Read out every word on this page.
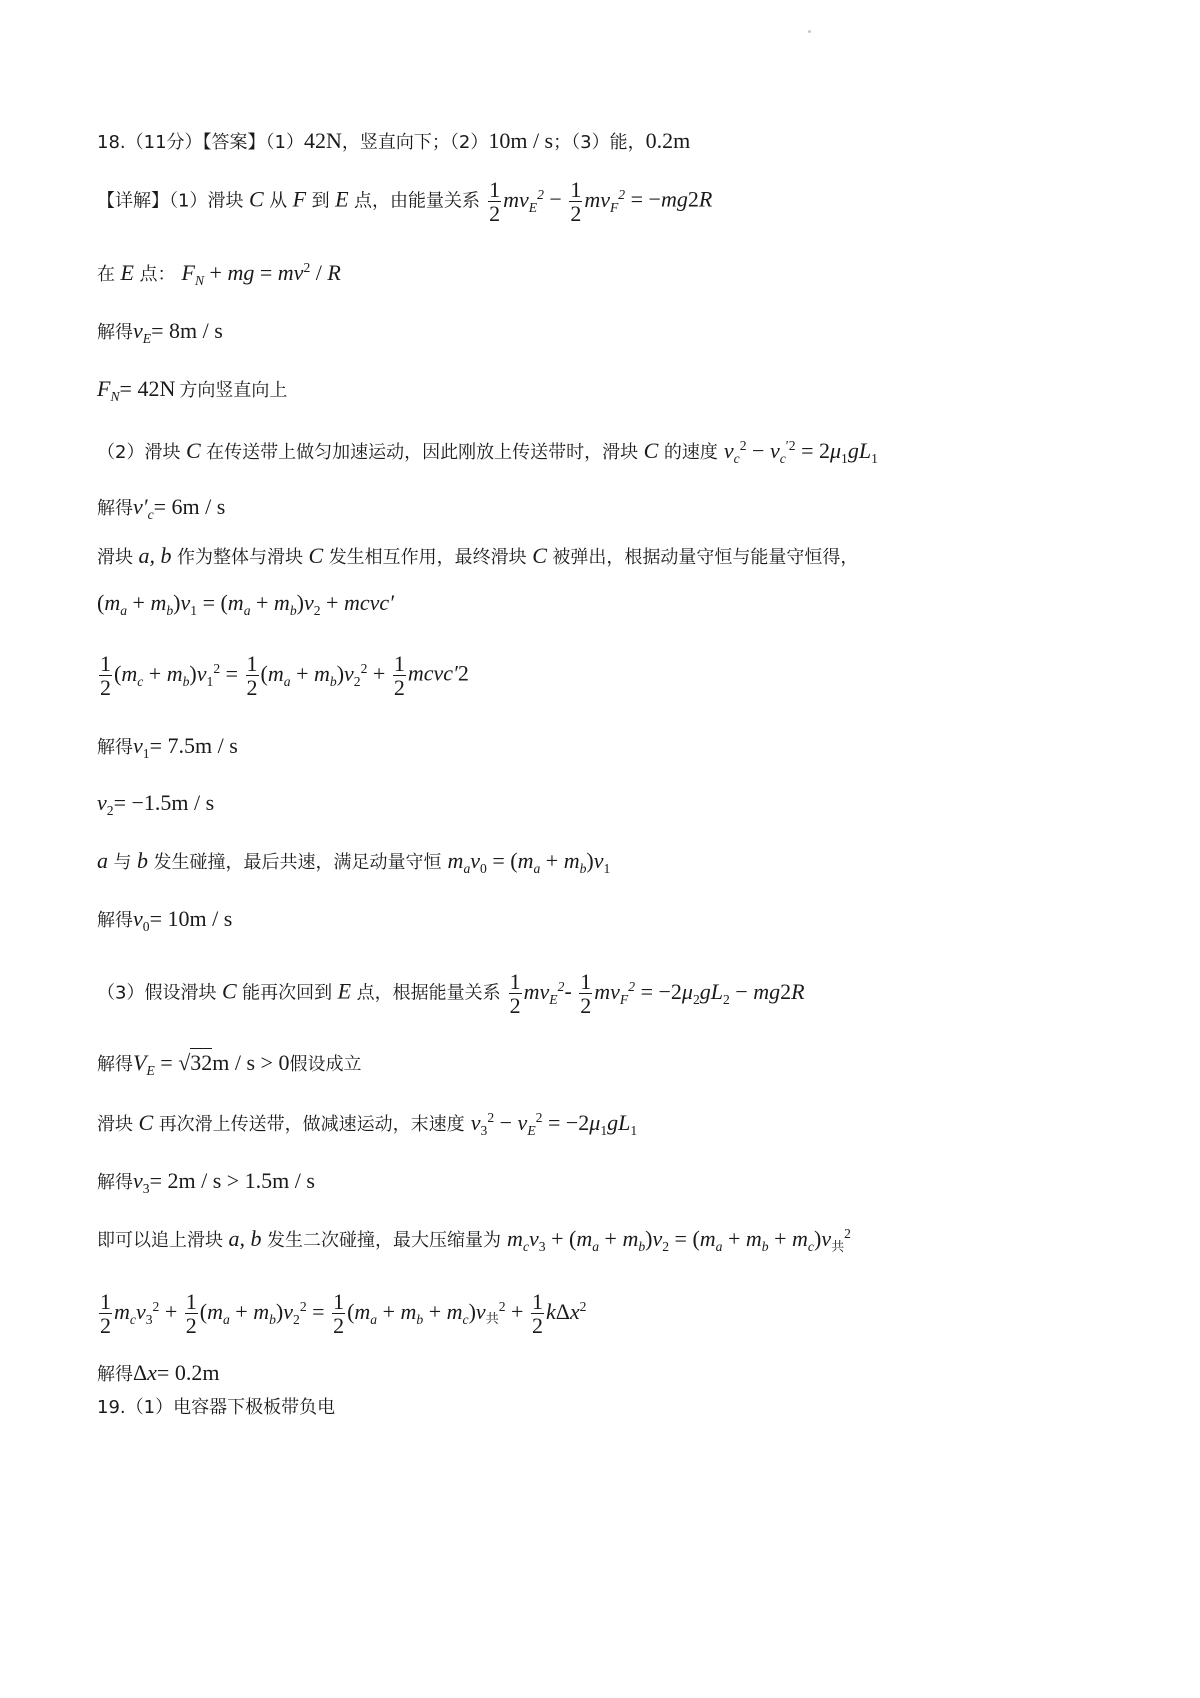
18.（11分）【答案】（1）42N，竖直向下；（2）10m / s；（3）能，0.2m
【详解】（1）滑块 C 从 F 到 E 点，由能量关系 $\frac{1}{2} mv_E^2 - \frac{1}{2} mv_F^2 = -mg2R$
在 E 点： $F_N$ + mg = $mv^2$ / R
解得$v_E= 8m / s$
$F_N= 42N$ 方向竖直向上
（2）滑块 C 在传送带上做匀加速运动，因此刚放上传送带时，滑块 C 的速度 $v_c^2 - v_c^{'2} = 2\mu_1gL_1$
解得$v'_c= 6m / s$
滑块 a, b 作为整体与滑块 C 发生相互作用，最终滑块 C 被弹出，根据动量守恒与能量守恒得，
$(m_a + m_b)v_1 = (m_a + m_b)v_2$ + mcvc′
$\frac{1}{2} (m_c + m_b)v_1^2 = \frac{1}{2} (m_a + m_b)v_2^2 + \frac{1}{2}$ mcvc′2
解得$v_1= 7.5m / s$
$v_2= -1.5m / s$
a 与 b 发生碰撞，最后共速，满足动量守恒 $m_av_0 = (m_a + m_b)v_1$
解得$v_0= 10m / s$
（3）假设滑块 C 能再次回到 E 点，根据能量关系 $\frac{1}{2} mv_E^2- \frac{1}{2} mv_F^2 = -2\mu_2gL_2 - mg2R$
解得$V_E = √32m / s > 0$假设成立
滑块 C 再次滑上传送带，做减速运动，末速度 $v_3^2 - v_E^2 = -2\mu_1gL_1$
解得$v_3= 2m / s > 1.5m / s$
即可以追上滑块 a, b 发生二次碰撞，最大压缩量为 $m_cv_3 + (m_a + m_b)v_2 = (m_a + m_b + m_c)v_共^2$
$\frac{1}{2} m_cv_3^2 + \frac{1}{2} (m_a + m_b)v_2^2 = \frac{1}{2} (m_a + m_b + m_c)v_共^2 + \frac{1}{2} k\Delta x^2$
解得Δx= 0.2m
19.（1）电容器下极板带负电
